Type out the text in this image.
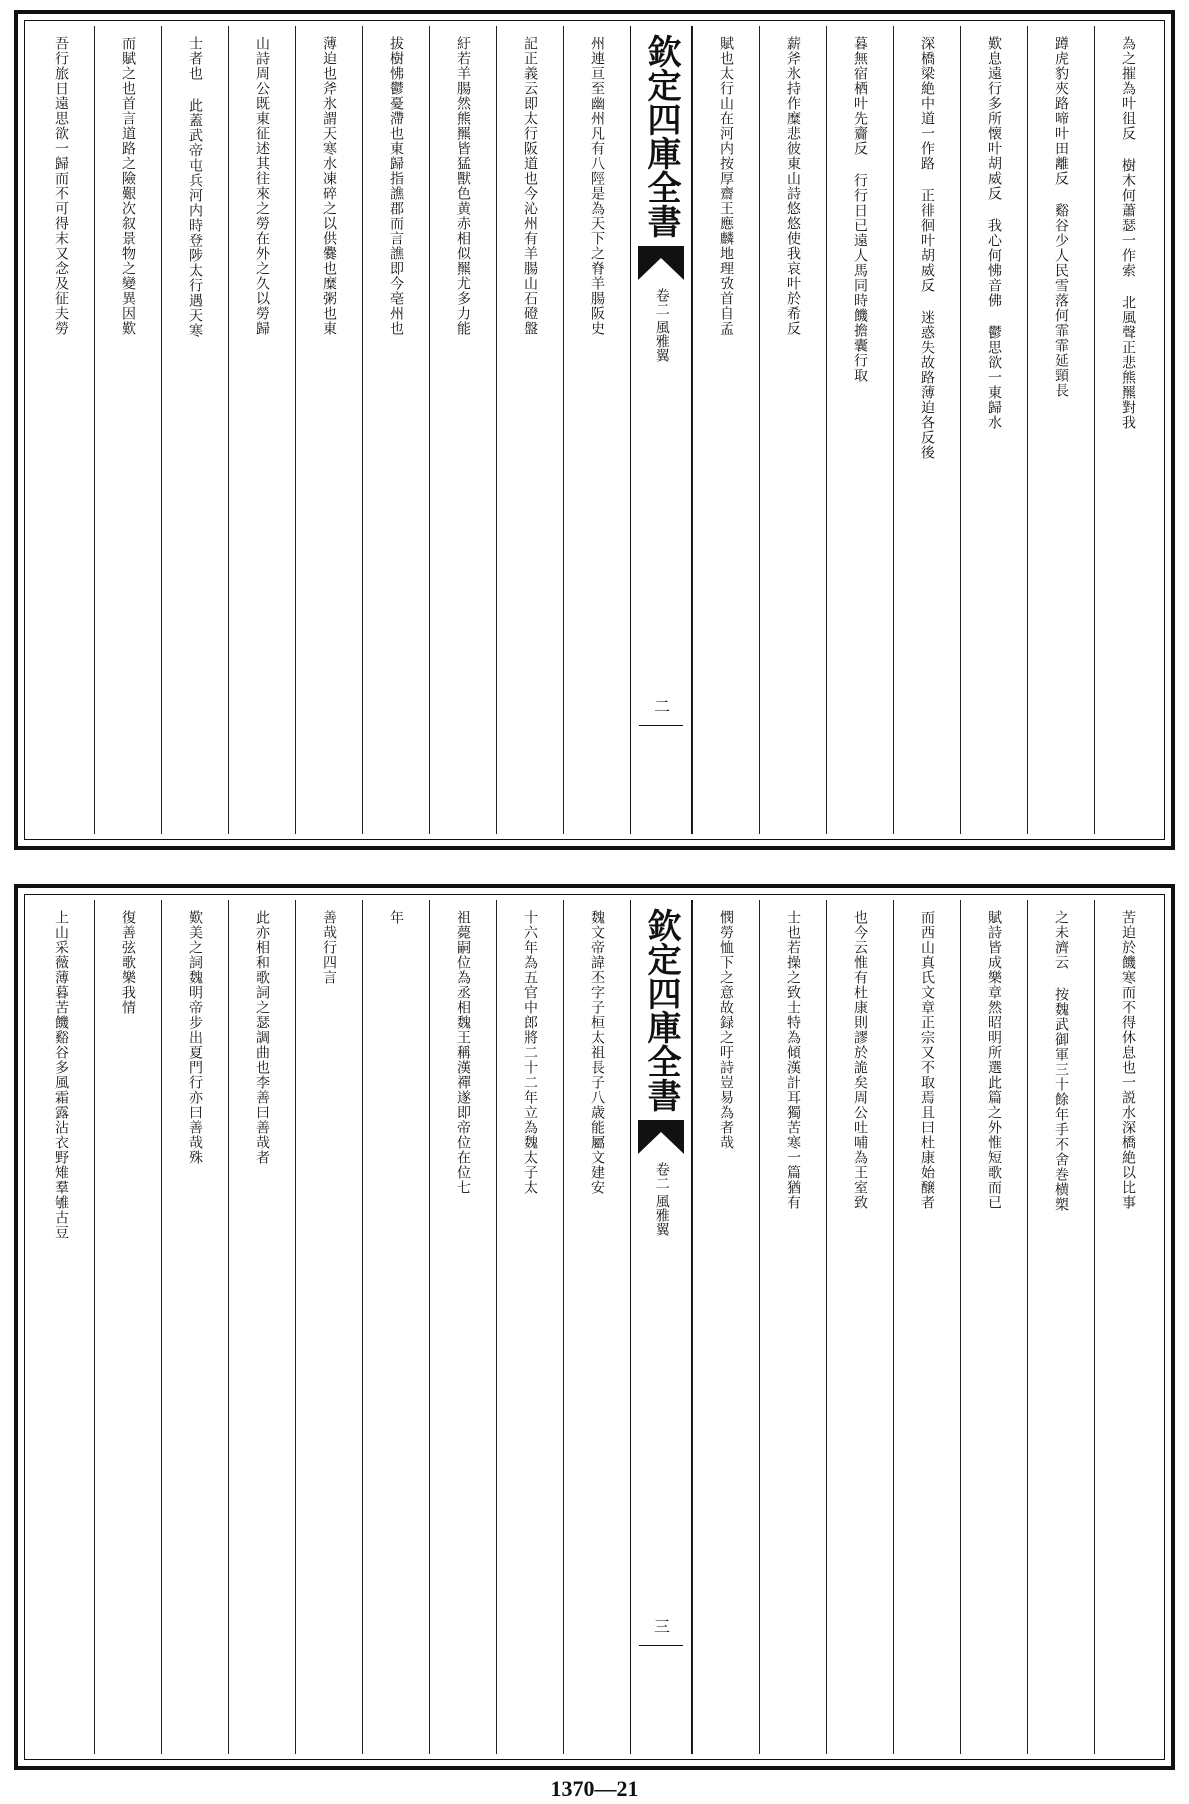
為之摧為叶徂反 樹木何蕭瑟一作索 北風聲正悲熊羆對我
蹲虎豹夾路啼叶田離反 谿谷少人民雪落何霏霏延頸長
歎息遠行多所懐叶胡威反 我心何怫音佛 鬱思欲一東歸水
深橋梁絶中道一作路 正徘徊叶胡威反 迷惑失故路薄迫各反後
暮無宿栖叶先齎反 行行日已遠人馬同時饑擔囊行取
薪斧氷持作糜悲彼東山詩悠悠使我哀叶於希反
賦也太行山在河内按厚齋王應麟地理攷首自孟
欽定四庫全書
風雅翼
卷二
二
州連亘至幽州凡有八陘是為天下之脊羊腸阪史
記正義云即太行阪道也今沁州有羊腸山石磴盤
紆若羊腸然熊羆皆猛獸色黄赤相似羆尤多力能
拔樹怫鬱憂滯也東歸指譙郡而言譙即今亳州也
薄迫也斧氷謂天寒水凍碎之以供爨也糜粥也東
山詩周公既東征述其往來之勞在外之久以勞歸
士者也 此蓋武帝屯兵河内時登陟太行遇天寒
而賦之也首言道路之險艱次叙景物之變異因歎
吾行旅日遠思欲一歸而不可得末又念及征夫勞
苦迫於饑寒而不得休息也一説水深橋絶以比事
之未濟云 按魏武御軍三十餘年手不舍巻横槊
賦詩皆成樂章然昭明所選此篇之外惟短歌而已
而西山真氏文章正宗又不取焉且曰杜康始醸者
也今云惟有杜康則謬於詭矣周公吐哺為王室致
士也若操之致士特為傾漢計耳獨苦寒一篇猶有
憫勞恤下之意故録之吁詩豈易為者哉
欽定四庫全書
風雅翼
卷二
三
魏文帝諱丕字子桓太祖長子八歳能屬文建安
十六年為五官中郎將二十二年立為魏太子太
祖薨嗣位為丞相魏王稱漢禪遂即帝位在位七
年
善哉行四言
此亦相和歌詞之瑟調曲也李善曰善哉者
歎美之詞魏明帝步出夏門行亦曰善哉殊
復善弦歌樂我情
上山采薇薄暮苦饑谿谷多風霜露沾衣野雉羣雊古豆
1370—21
